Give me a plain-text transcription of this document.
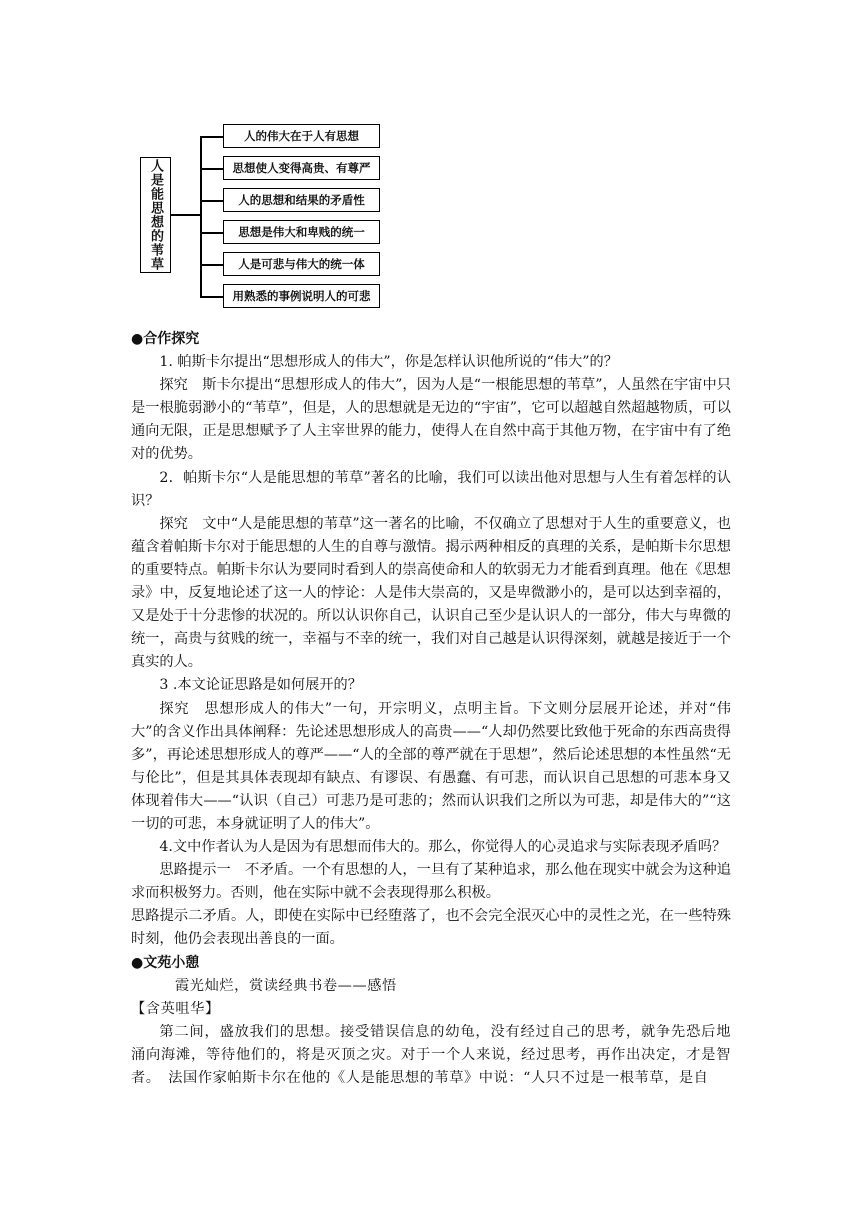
人是能思想的苇草
人的伟大在于人有思想
思想使人变得高贵、有尊严
人的思想和结果的矛盾性
思想是伟大和卑贱的统一
人是可悲与伟大的统一体
用熟悉的事例说明人的可悲

●合作探究

1. 帕斯卡尔提出“思想形成人的伟大”，你是怎样认识他所说的“伟大”的？

探究　斯卡尔提出“思想形成人的伟大”，因为人是“一根能思想的苇草”，人虽然在宇宙中只是一根脆弱渺小的“苇草”，但是，人的思想就是无边的“宇宙”，它可以超越自然超越物质，可以通向无限，正是思想赋予了人主宰世界的能力，使得人在自然中高于其他万物，在宇宙中有了绝对的优势。

2．帕斯卡尔“人是能思想的苇草”著名的比喻，我们可以读出他对思想与人生有着怎样的认识？

探究　文中“人是能思想的苇草”这一著名的比喻，不仅确立了思想对于人生的重要意义，也蕴含着帕斯卡尔对于能思想的人生的自尊与激情。揭示两种相反的真理的关系，是帕斯卡尔思想的重要特点。帕斯卡尔认为要同时看到人的崇高使命和人的软弱无力才能看到真理。他在《思想录》中，反复地论述了这一人的悖论：人是伟大崇高的，又是卑微渺小的，是可以达到幸福的，又是处于十分悲惨的状况的。所以认识你自己，认识自己至少是认识人的一部分，伟大与卑微的统一，高贵与贫贱的统一，幸福与不幸的统一，我们对自己越是认识得深刻，就越是接近于一个真实的人。

3 .本文论证思路是如何展开的？

探究　思想形成人的伟大”一句，开宗明义，点明主旨。下文则分层展开论述，并对“伟大”的含义作出具体阐释：先论述思想形成人的高贵——“人却仍然要比致他于死命的东西高贵得多”，再论述思想形成人的尊严——“人的全部的尊严就在于思想”，然后论述思想的本性虽然“无与伦比”，但是其具体表现却有缺点、有谬误、有愚蠢、有可悲，而认识自己思想的可悲本身又体现着伟大——“认识（自己）可悲乃是可悲的；然而认识我们之所以为可悲，却是伟大的”“这一切的可悲，本身就证明了人的伟大”。

4.文中作者认为人是因为有思想而伟大的。那么，你觉得人的心灵追求与实际表现矛盾吗？

思路提示一　不矛盾。一个有思想的人，一旦有了某种追求，那么他在现实中就会为这种追求而积极努力。否则，他在实际中就不会表现得那么积极。

思路提示二矛盾。人，即使在实际中已经堕落了，也不会完全泯灭心中的灵性之光，在一些特殊时刻，他仍会表现出善良的一面。

●文苑小憩

霞光灿烂，赏读经典书卷——感悟

【含英咀华】

第二间，盛放我们的思想。接受错误信息的幼龟，没有经过自己的思考，就争先恐后地涌向海滩，等待他们的，将是灭顶之灾。对于一个人来说，经过思考，再作出决定，才是智者。　法国作家帕斯卡尔在他的《人是能思想的苇草》中说：“人只不过是一根苇草，是自
